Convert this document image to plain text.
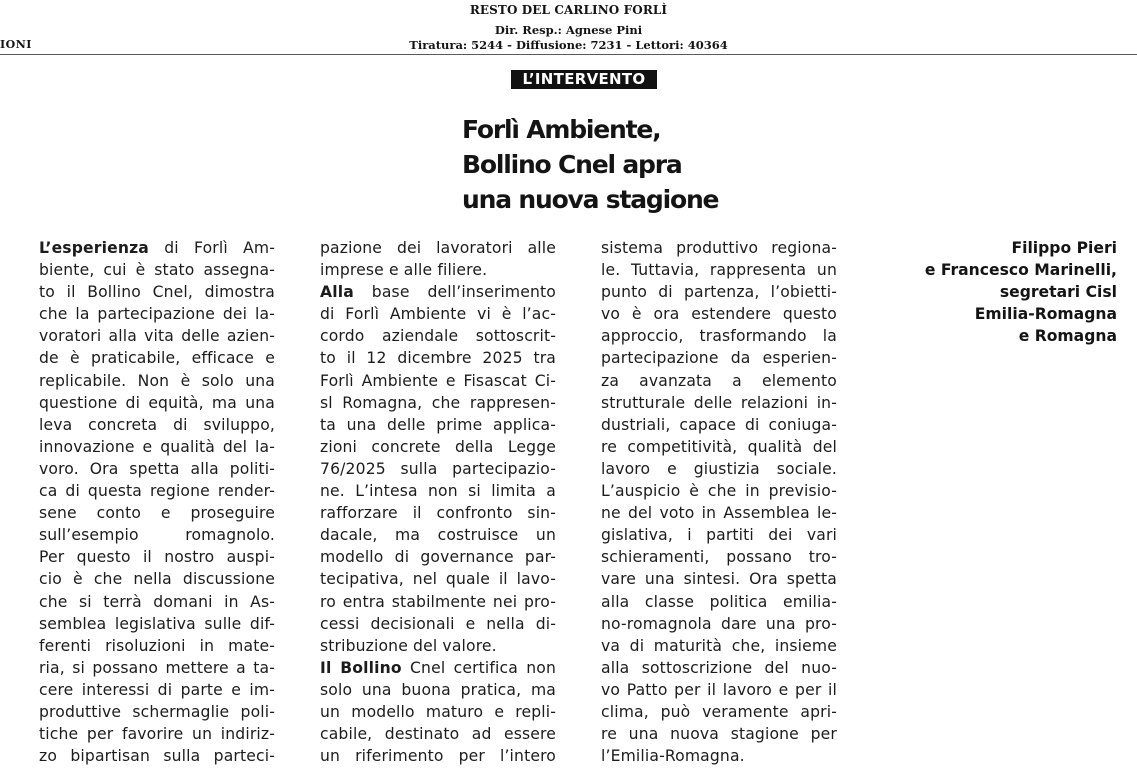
RESTO DEL CARLINO FORLÌ
Dir. Resp.: Agnese Pini
Tiratura: 5244 - Diffusione: 7231 - Lettori: 40364
IONI
L’INTERVENTO
Forlì Ambiente,
Bollino Cnel apra
una nuova stagione
L’esperienza di Forlì Am-
biente, cui è stato assegna-
to il Bollino Cnel, dimostra
che la partecipazione dei la-
voratori alla vita delle azien-
de è praticabile, efficace e
replicabile. Non è solo una
questione di equità, ma una
leva concreta di sviluppo,
innovazione e qualità del la-
voro. Ora spetta alla politi-
ca di questa regione render-
sene conto e proseguire
sull’esempio romagnolo.
Per questo il nostro auspi-
cio è che nella discussione
che si terrà domani in As-
semblea legislativa sulle dif-
ferenti risoluzioni in mate-
ria, si possano mettere a ta-
cere interessi di parte e im-
produttive schermaglie poli-
tiche per favorire un indiriz-
zo bipartisan sulla parteci-
pazione dei lavoratori alle
imprese e alle filiere.
Alla base dell’inserimento
di Forlì Ambiente vi è l’ac-
cordo aziendale sottoscrit-
to il 12 dicembre 2025 tra
Forlì Ambiente e Fisascat Ci-
sl Romagna, che rappresen-
ta una delle prime applica-
zioni concrete della Legge
76/2025 sulla partecipazio-
ne. L’intesa non si limita a
rafforzare il confronto sin-
dacale, ma costruisce un
modello di governance par-
tecipativa, nel quale il lavo-
ro entra stabilmente nei pro-
cessi decisionali e nella di-
stribuzione del valore.
Il Bollino Cnel certifica non
solo una buona pratica, ma
un modello maturo e repli-
cabile, destinato ad essere
un riferimento per l’intero
sistema produttivo regiona-
le. Tuttavia, rappresenta un
punto di partenza, l’obietti-
vo è ora estendere questo
approccio, trasformando la
partecipazione da esperien-
za avanzata a elemento
strutturale delle relazioni in-
dustriali, capace di coniuga-
re competitività, qualità del
lavoro e giustizia sociale.
L’auspicio è che in previsio-
ne del voto in Assemblea le-
gislativa, i partiti dei vari
schieramenti, possano tro-
vare una sintesi. Ora spetta
alla classe politica emilia-
no-romagnola dare una pro-
va di maturità che, insieme
alla sottoscrizione del nuo-
vo Patto per il lavoro e per il
clima, può veramente apri-
re una nuova stagione per
l’Emilia-Romagna.
Filippo Pieri
e Francesco Marinelli,
segretari Cisl
Emilia-Romagna
e Romagna
